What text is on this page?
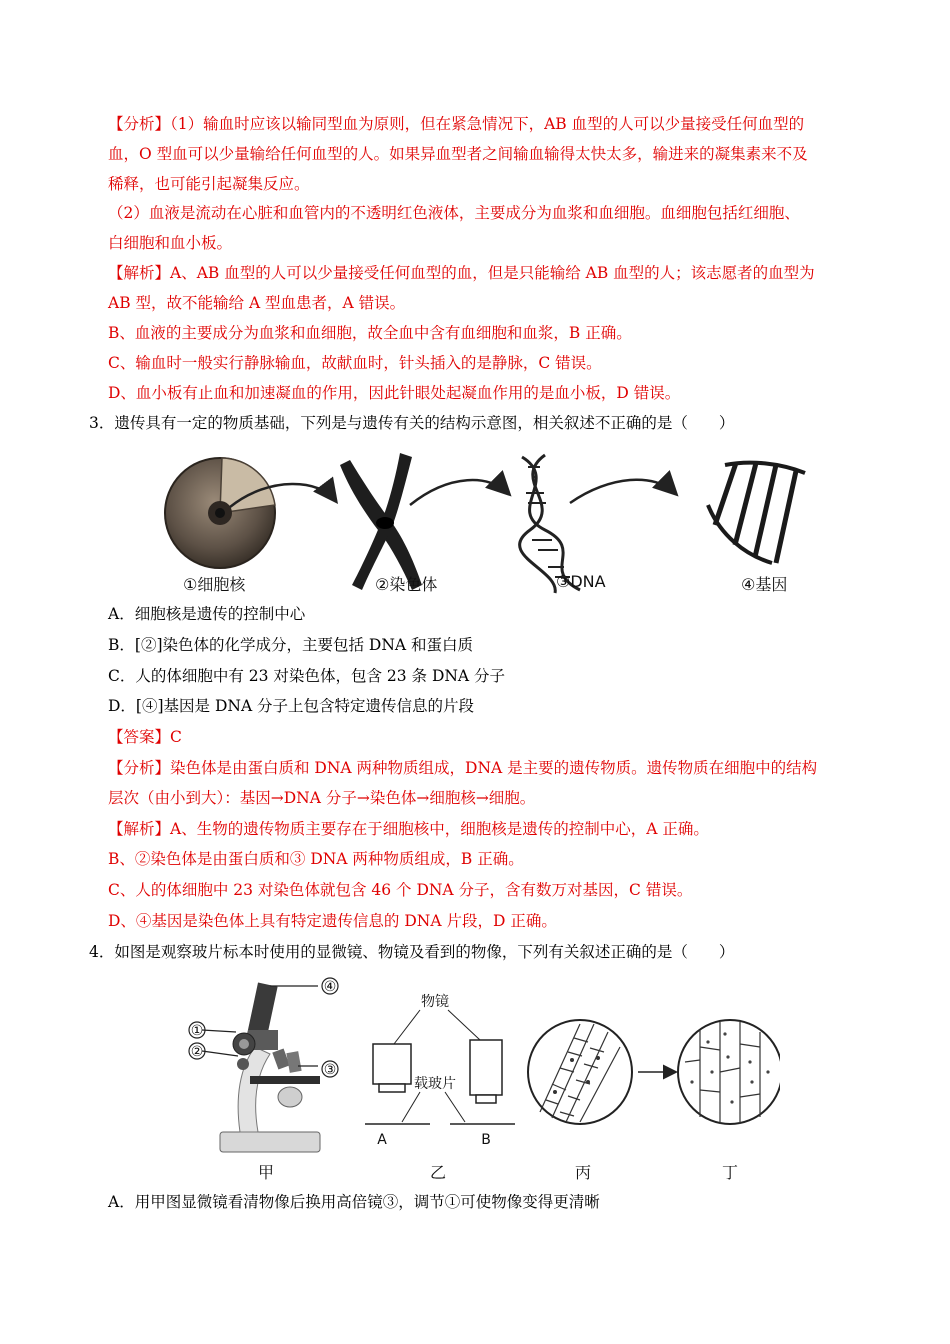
【分析】（1）输血时应该以输同型血为原则，但在紧急情况下，AB 血型的人可以少量接受任何血型的
血，O 型血可以少量输给任何血型的人。如果异血型者之间输血输得太快太多，输进来的凝集素来不及
稀释，也可能引起凝集反应。
（2）血液是流动在心脏和血管内的不透明红色液体，主要成分为血浆和血细胞。血细胞包括红细胞、
白细胞和血小板。
【解析】A、AB 血型的人可以少量接受任何血型的血，但是只能输给 AB 血型的人；该志愿者的血型为
AB 型，故不能输给 A 型血患者，A 错误。
B、血液的主要成分为血浆和血细胞，故全血中含有血细胞和血浆，B 正确。
C、输血时一般实行静脉输血，故献血时，针头插入的是静脉，C 错误。
D、血小板有止血和加速凝血的作用，因此针眼处起凝血作用的是血小板，D 错误。
3．遗传具有一定的物质基础，下列是与遗传有关的结构示意图，相关叙述不正确的是（　　）
①细胞核	②染色体	③DNA	④基因
A．细胞核是遗传的控制中心
B．[②]染色体的化学成分，主要包括 DNA 和蛋白质
C．人的体细胞中有 23 对染色体，包含 23 条 DNA 分子
D．[④]基因是 DNA 分子上包含特定遗传信息的片段
【答案】C
【分析】染色体是由蛋白质和 DNA 两种物质组成，DNA 是主要的遗传物质。遗传物质在细胞中的结构
层次（由小到大）：基因→DNA 分子→染色体→细胞核→细胞。
【解析】A、生物的遗传物质主要存在于细胞核中，细胞核是遗传的控制中心，A 正确。
B、②染色体是由蛋白质和③ DNA 两种物质组成，B 正确。
C、人的体细胞中 23 对染色体就包含 46 个 DNA 分子，含有数万对基因，C 错误。
D、④基因是染色体上具有特定遗传信息的 DNA 片段，D 正确。
4．如图是观察玻片标本时使用的显微镜、物镜及看到的物像，下列有关叙述正确的是（　　）
④
①
②
③
物镜
载玻片
A	B
甲	乙	丙	丁
A．用甲图显微镜看清物像后换用高倍镜③，调节①可使物像变得更清晰
